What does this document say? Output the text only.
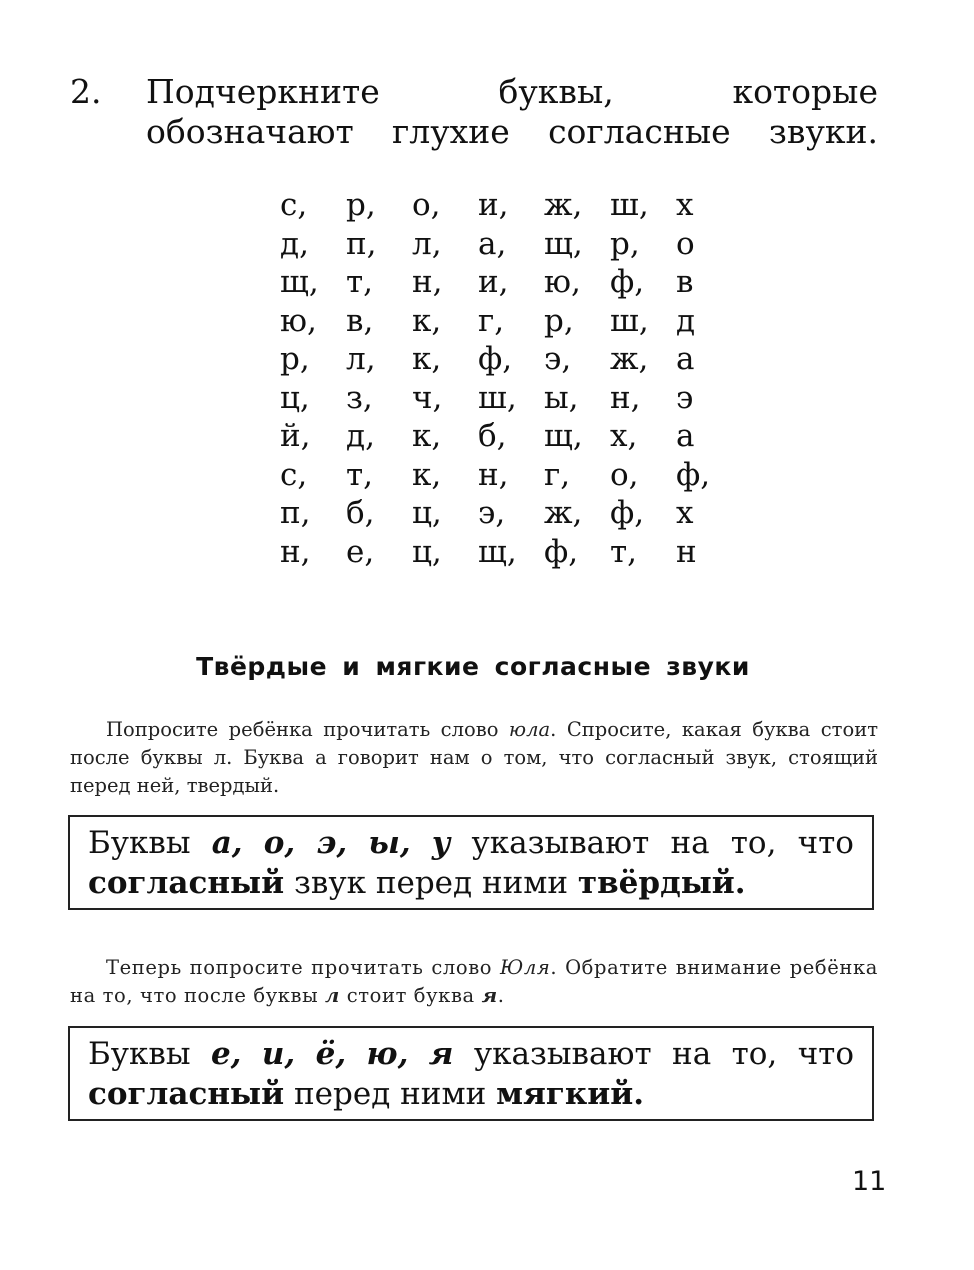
2. Подчеркните	буквы,	которые
обозначают глухие согласные звуки.
с,	р,	о,	и,	ж, ш, х
д,	п,	л,	а,	щ, р,	о
щ, т,	н,	и,	ю, ф,	в
ю, в,	к,	г,	р,	ш, д
р,	л,	к,	ф,	э,	ж, а
ц,	з,	ч,	ш, ы,	н,	э
й,	д,	к,	б,	щ, х,	а
с,	т,	к,	н,	г,	о,	ф,
п,	б,	ц,	э,	ж, ф,	х
н,	е,	ц,	щ, ф,	т,	н
Твёрдые и мягкие согласные звуки

Попросите ребёнка прочитать слово юла. Спросите, какая буква стоит после буквы л. Буква а говорит нам о том, что согласный звук, стоящий перед ней, твердый.

Буквы а, о, э, ы, у указывают на то, что
согласный звук перед ними твёрдый.

Теперь попросите прочитать слово Юля. Обратите внимание ребёнка на то, что после буквы л стоит буква я.

Буквы е, и, ё, ю, я указывают на то, что
согласный перед ними мягкий.
11
